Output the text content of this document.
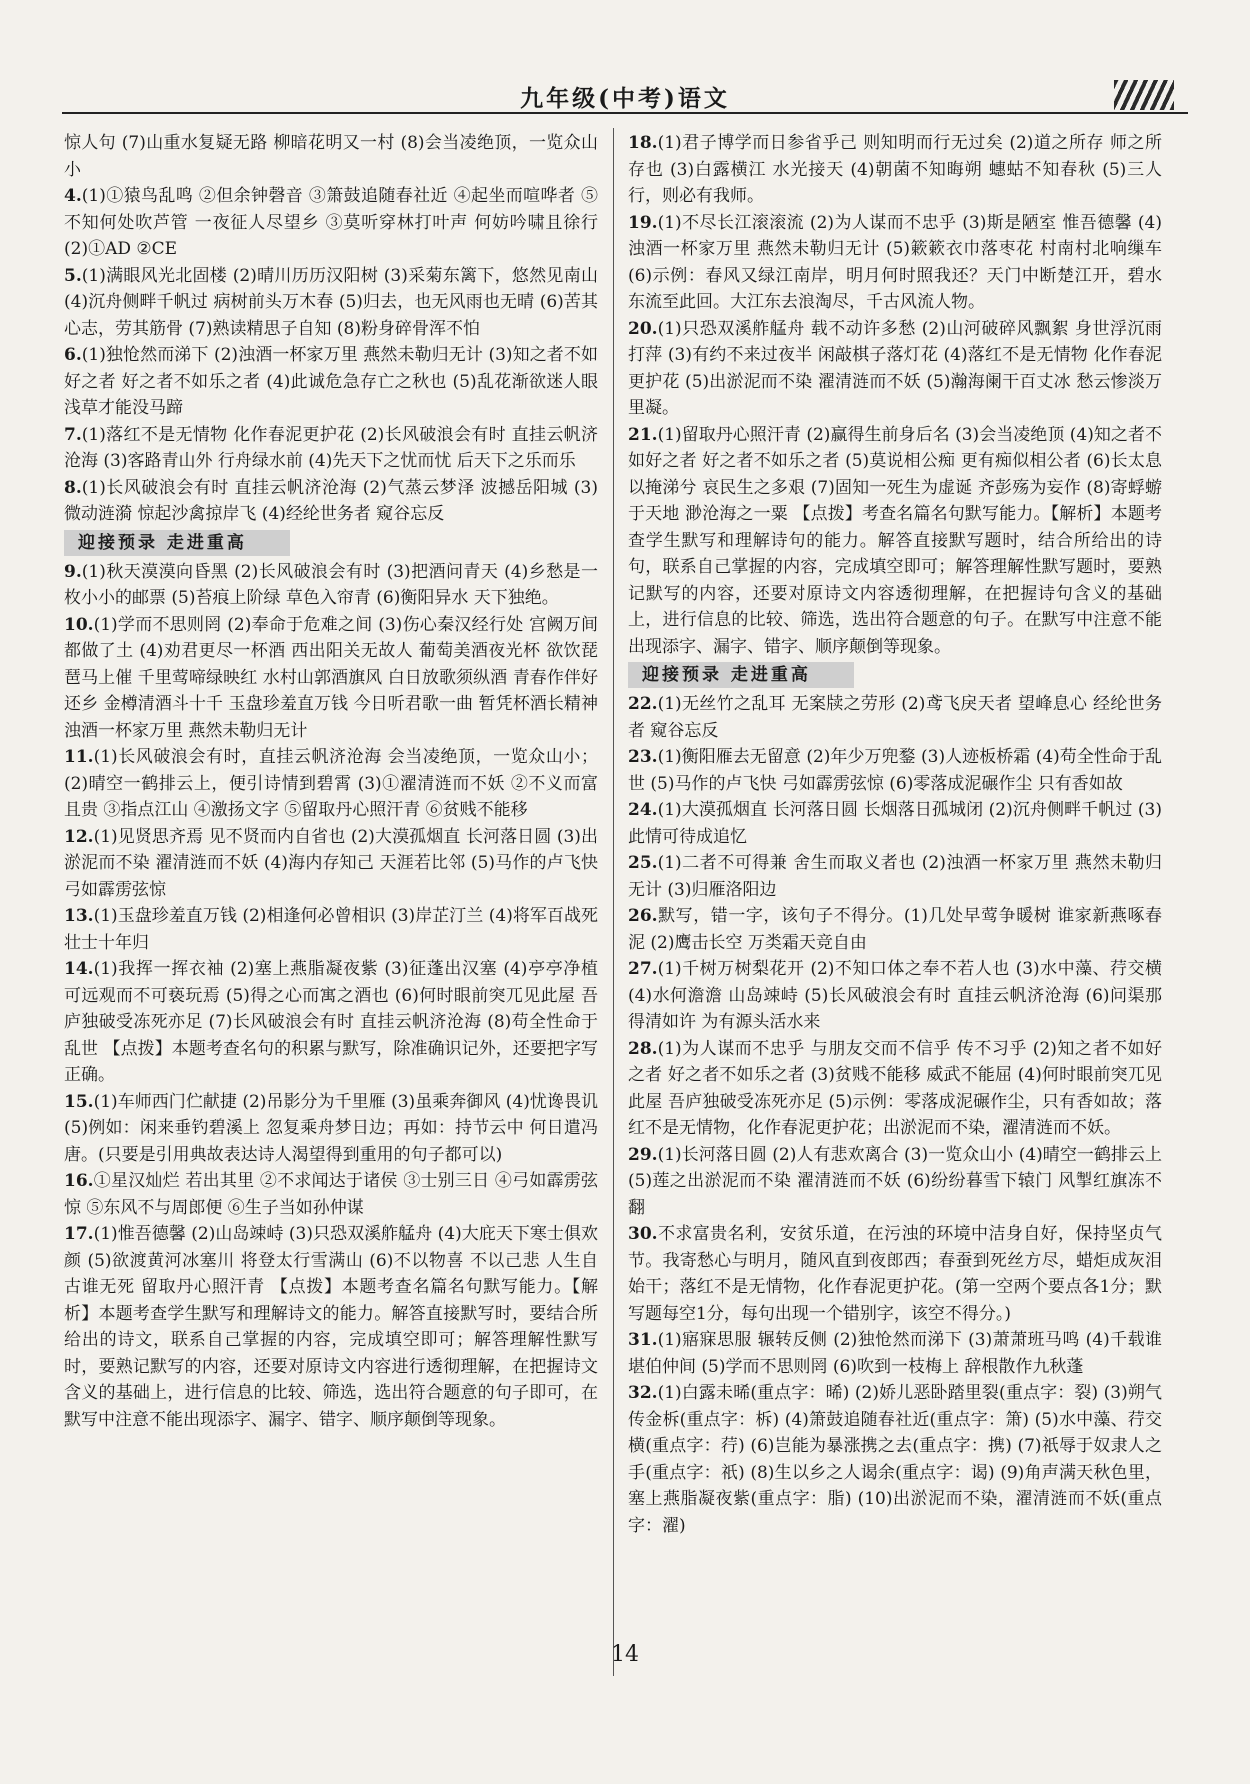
九年级(中考)语文

惊人句 (7)山重水复疑无路 柳暗花明又一村 (8)会当凌绝顶，一览众山小

4.(1)①猿鸟乱鸣 ②但余钟磬音 ③箫鼓追随春社近 ④起坐而喧哗者 ⑤不知何处吹芦管 一夜征人尽望乡 ③莫听穿林打叶声 何妨吟啸且徐行 (2)①AD ②CE

5.(1)满眼风光北固楼 (2)晴川历历汉阳树 (3)采菊东篱下，悠然见南山 (4)沉舟侧畔千帆过 病树前头万木春 (5)归去，也无风雨也无晴 (6)苦其心志，劳其筋骨 (7)熟读精思子自知 (8)粉身碎骨浑不怕

6.(1)独怆然而涕下 (2)浊酒一杯家万里 燕然未勒归无计 (3)知之者不如好之者 好之者不如乐之者 (4)此诚危急存亡之秋也 (5)乱花渐欲迷人眼 浅草才能没马蹄

7.(1)落红不是无情物 化作春泥更护花 (2)长风破浪会有时 直挂云帆济沧海 (3)客路青山外 行舟绿水前 (4)先天下之忧而忧 后天下之乐而乐

8.(1)长风破浪会有时 直挂云帆济沧海 (2)气蒸云梦泽 波撼岳阳城 (3)微动涟漪 惊起沙禽掠岸飞 (4)经纶世务者 窥谷忘反

迎接预录 走进重高

9.(1)秋天漠漠向昏黑 (2)长风破浪会有时 (3)把酒问青天 (4)乡愁是一枚小小的邮票 (5)苔痕上阶绿 草色入帘青 (6)衡阳异水 天下独绝。

10.(1)学而不思则罔 (2)奉命于危难之间 (3)伤心秦汉经行处 宫阙万间都做了土 (4)劝君更尽一杯酒 西出阳关无故人 葡萄美酒夜光杯 欲饮琵琶马上催 千里莺啼绿映红 水村山郭酒旗风 白日放歌须纵酒 青春作伴好还乡 金樽清酒斗十千 玉盘珍羞直万钱 今日听君歌一曲 暂凭杯酒长精神 浊酒一杯家万里 燕然未勒归无计

11.(1)长风破浪会有时，直挂云帆济沧海 会当凌绝顶，一览众山小；(2)晴空一鹤排云上，便引诗情到碧霄 (3)①濯清涟而不妖 ②不义而富且贵 ③指点江山 ④激扬文字 ⑤留取丹心照汗青 ⑥贫贱不能移

12.(1)见贤思齐焉 见不贤而内自省也 (2)大漠孤烟直 长河落日圆 (3)出淤泥而不染 濯清涟而不妖 (4)海内存知己 天涯若比邻 (5)马作的卢飞快 弓如霹雳弦惊

13.(1)玉盘珍羞直万钱 (2)相逢何必曾相识 (3)岸芷汀兰 (4)将军百战死 壮士十年归

14.(1)我挥一挥衣袖 (2)塞上燕脂凝夜紫 (3)征蓬出汉塞 (4)亭亭净植 可远观而不可亵玩焉 (5)得之心而寓之酒也 (6)何时眼前突兀见此屋 吾庐独破受冻死亦足 (7)长风破浪会有时 直挂云帆济沧海 (8)苟全性命于乱世 【点拨】本题考查名句的积累与默写，除准确识记外，还要把字写正确。

15.(1)车师西门伫献捷 (2)吊影分为千里雁 (3)虽乘奔御风 (4)忧谗畏讥 (5)例如：闲来垂钓碧溪上 忽复乘舟梦日边；再如：持节云中 何日遣冯唐。(只要是引用典故表达诗人渴望得到重用的句子都可以)

16.①星汉灿烂 若出其里 ②不求闻达于诸侯 ③士别三日 ④弓如霹雳弦惊 ⑤东风不与周郎便 ⑥生子当如孙仲谋

17.(1)惟吾德馨 (2)山岛竦峙 (3)只恐双溪舴艋舟 (4)大庇天下寒士俱欢颜 (5)欲渡黄河冰塞川 将登太行雪满山 (6)不以物喜 不以己悲 人生自古谁无死 留取丹心照汗青 【点拨】本题考查名篇名句默写能力。【解析】本题考查学生默写和理解诗文的能力。解答直接默写时，要结合所给出的诗文，联系自己掌握的内容，完成填空即可；解答理解性默写时，要熟记默写的内容，还要对原诗文内容进行透彻理解，在把握诗文含义的基础上，进行信息的比较、筛选，选出符合题意的句子即可，在默写中注意不能出现添字、漏字、错字、顺序颠倒等现象。

18.(1)君子博学而日参省乎己 则知明而行无过矣 (2)道之所存 师之所存也 (3)白露横江 水光接天 (4)朝菌不知晦朔 蟪蛄不知春秋 (5)三人行，则必有我师。

19.(1)不尽长江滚滚流 (2)为人谋而不忠乎 (3)斯是陋室 惟吾德馨 (4)浊酒一杯家万里 燕然未勒归无计 (5)簌簌衣巾落枣花 村南村北响缫车 (6)示例：春风又绿江南岸，明月何时照我还？天门中断楚江开，碧水东流至此回。大江东去浪淘尽，千古风流人物。

20.(1)只恐双溪舴艋舟 载不动许多愁 (2)山河破碎风飘絮 身世浮沉雨打萍 (3)有约不来过夜半 闲敲棋子落灯花 (4)落红不是无情物 化作春泥更护花 (5)出淤泥而不染 濯清涟而不妖 (5)瀚海阑干百丈冰 愁云惨淡万里凝。

21.(1)留取丹心照汗青 (2)赢得生前身后名 (3)会当凌绝顶 (4)知之者不如好之者 好之者不如乐之者 (5)莫说相公痴 更有痴似相公者 (6)长太息以掩涕兮 哀民生之多艰 (7)固知一死生为虚诞 齐彭殇为妄作 (8)寄蜉蝣于天地 渺沧海之一粟 【点拨】考查名篇名句默写能力。【解析】本题考查学生默写和理解诗句的能力。解答直接默写题时，结合所给出的诗句，联系自己掌握的内容，完成填空即可；解答理解性默写题时，要熟记默写的内容，还要对原诗文内容透彻理解，在把握诗句含义的基础上，进行信息的比较、筛选，选出符合题意的句子。在默写中注意不能出现添字、漏字、错字、顺序颠倒等现象。

迎接预录 走进重高

22.(1)无丝竹之乱耳 无案牍之劳形 (2)鸢飞戾天者 望峰息心 经纶世务者 窥谷忘反

23.(1)衡阳雁去无留意 (2)年少万兜鍪 (3)人迹板桥霜 (4)苟全性命于乱世 (5)马作的卢飞快 弓如霹雳弦惊 (6)零落成泥碾作尘 只有香如故

24.(1)大漠孤烟直 长河落日圆 长烟落日孤城闭 (2)沉舟侧畔千帆过 (3)此情可待成追忆

25.(1)二者不可得兼 舍生而取义者也 (2)浊酒一杯家万里 燕然未勒归无计 (3)归雁洛阳边

26.默写，错一字，该句子不得分。(1)几处早莺争暖树 谁家新燕啄春泥 (2)鹰击长空 万类霜天竞自由

27.(1)千树万树梨花开 (2)不知口体之奉不若人也 (3)水中藻、荇交横 (4)水何澹澹 山岛竦峙 (5)长风破浪会有时 直挂云帆济沧海 (6)问渠那得清如许 为有源头活水来

28.(1)为人谋而不忠乎 与朋友交而不信乎 传不习乎 (2)知之者不如好之者 好之者不如乐之者 (3)贫贱不能移 威武不能屈 (4)何时眼前突兀见此屋 吾庐独破受冻死亦足 (5)示例：零落成泥碾作尘，只有香如故；落红不是无情物，化作春泥更护花；出淤泥而不染，濯清涟而不妖。

29.(1)长河落日圆 (2)人有悲欢离合 (3)一览众山小 (4)晴空一鹤排云上 (5)莲之出淤泥而不染 濯清涟而不妖 (6)纷纷暮雪下辕门 风掣红旗冻不翻

30.不求富贵名利，安贫乐道，在污浊的环境中洁身自好，保持坚贞气节。我寄愁心与明月，随风直到夜郎西；春蚕到死丝方尽，蜡炬成灰泪始干；落红不是无情物，化作春泥更护花。(第一空两个要点各1分；默写题每空1分，每句出现一个错别字，该空不得分。)

31.(1)寤寐思服 辗转反侧 (2)独怆然而涕下 (3)萧萧班马鸣 (4)千载谁堪伯仲间 (5)学而不思则罔 (6)吹到一枝梅上 辞根散作九秋蓬

32.(1)白露未晞(重点字：晞) (2)娇儿恶卧踏里裂(重点字：裂) (3)朔气传金柝(重点字：柝) (4)箫鼓追随春社近(重点字：箫) (5)水中藻、荇交横(重点字：荇) (6)岂能为暴涨携之去(重点字：携) (7)祇辱于奴隶人之手(重点字：祇) (8)生以乡之人谒余(重点字：谒) (9)角声满天秋色里，塞上燕脂凝夜紫(重点字：脂) (10)出淤泥而不染，濯清涟而不妖(重点字：濯)

14
